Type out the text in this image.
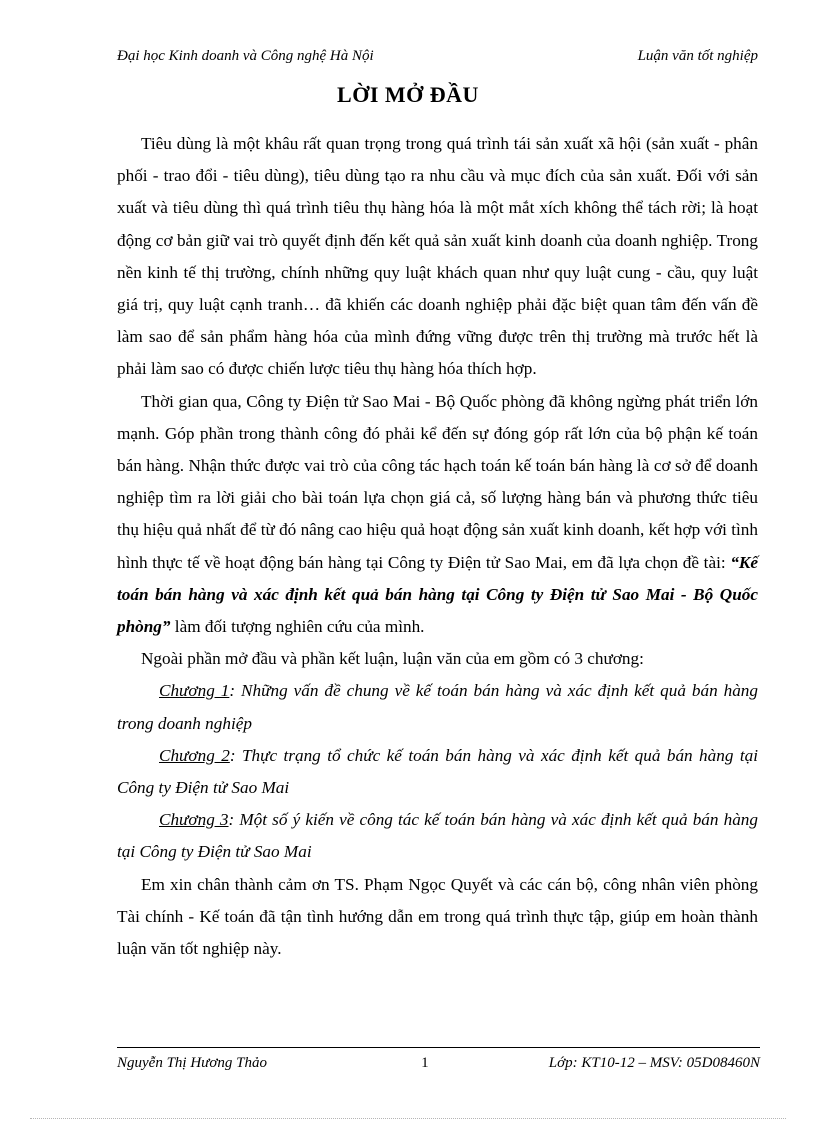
Đại học Kinh doanh và Công nghệ Hà Nội	Luận văn tốt nghiệp
LỜI MỞ ĐẦU

Tiêu dùng là một khâu rất quan trọng trong quá trình tái sản xuất xã hội (sản xuất - phân phối - trao đổi - tiêu dùng), tiêu dùng tạo ra nhu cầu và mục đích của sản xuất. Đối với sản xuất và tiêu dùng thì quá trình tiêu thụ hàng hóa là một mắt xích không thể tách rời; là hoạt động cơ bản giữ vai trò quyết định đến kết quả sản xuất kinh doanh của doanh nghiệp. Trong nền kinh tế thị trường, chính những quy luật khách quan như quy luật cung - cầu, quy luật giá trị, quy luật cạnh tranh… đã khiến các doanh nghiệp phải đặc biệt quan tâm đến vấn đề làm sao để sản phẩm hàng hóa của mình đứng vững được trên thị trường mà trước hết là phải làm sao có được chiến lược tiêu thụ hàng hóa thích hợp.

Thời gian qua, Công ty Điện tử Sao Mai - Bộ Quốc phòng đã không ngừng phát triển lớn mạnh. Góp phần trong thành công đó phải kể đến sự đóng góp rất lớn của bộ phận kế toán bán hàng. Nhận thức được vai trò của công tác hạch toán kế toán bán hàng là cơ sở để doanh nghiệp tìm ra lời giải cho bài toán lựa chọn giá cả, số lượng hàng bán và phương thức tiêu thụ hiệu quả nhất để từ đó nâng cao hiệu quả hoạt động sản xuất kinh doanh, kết hợp với tình hình thực tế về hoạt động bán hàng tại Công ty Điện tử Sao Mai, em đã lựa chọn đề tài: “Kế toán bán hàng và xác định kết quả bán hàng tại Công ty Điện tử Sao Mai - Bộ Quốc phòng” làm đối tượng nghiên cứu của mình.

Ngoài phần mở đầu và phần kết luận, luận văn của em gồm có 3 chương:

Chương 1: Những vấn đề chung về kế toán bán hàng và xác định kết quả bán hàng trong doanh nghiệp

Chương 2: Thực trạng tổ chức kế toán bán hàng và xác định kết quả bán hàng tại Công ty Điện tử Sao Mai

Chương 3: Một số ý kiến về công tác kế toán bán hàng và xác định kết quả bán hàng tại Công ty Điện tử Sao Mai

Em xin chân thành cảm ơn TS. Phạm Ngọc Quyết và các cán bộ, công nhân viên phòng Tài chính - Kế toán đã tận tình hướng dẫn em trong quá trình thực tập, giúp em hoàn thành luận văn tốt nghiệp này.

Nguyễn Thị Hương Thảo	1	Lớp: KT10-12 – MSV: 05D08460N
